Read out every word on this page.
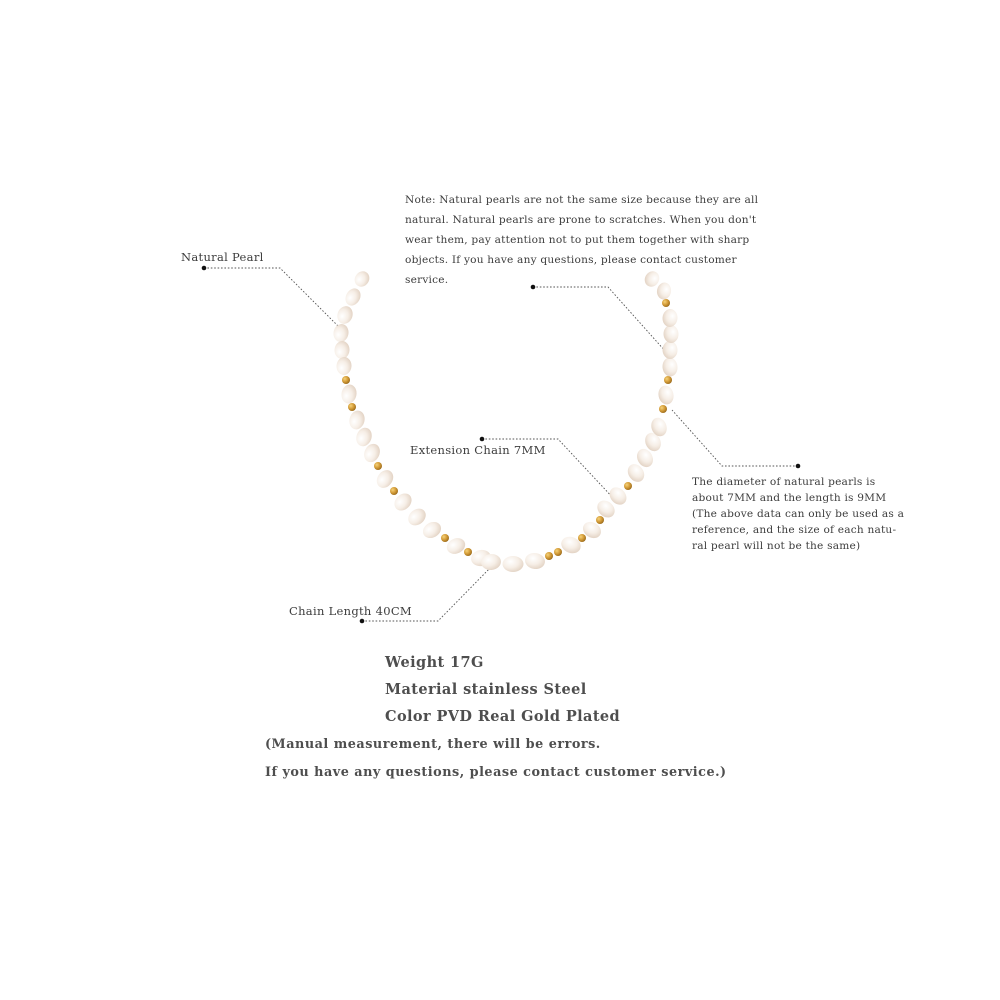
Note: Natural pearls are not the same size because they are all
natural. Natural pearls are prone to scratches. When you don't
wear them, pay attention not to put them together with sharp
objects. If you have any questions, please contact customer
service.
Natural Pearl
Extension Chain 7MM
Chain Length 40CM
The diameter of natural pearls is
about 7MM and the length is 9MM
(The above data can only be used as a
reference, and the size of each natu-
ral pearl will not be the same)
Weight 17G
Material stainless Steel
Color PVD Real Gold Plated
(Manual measurement, there will be errors.
If you have any questions, please contact customer service.)
